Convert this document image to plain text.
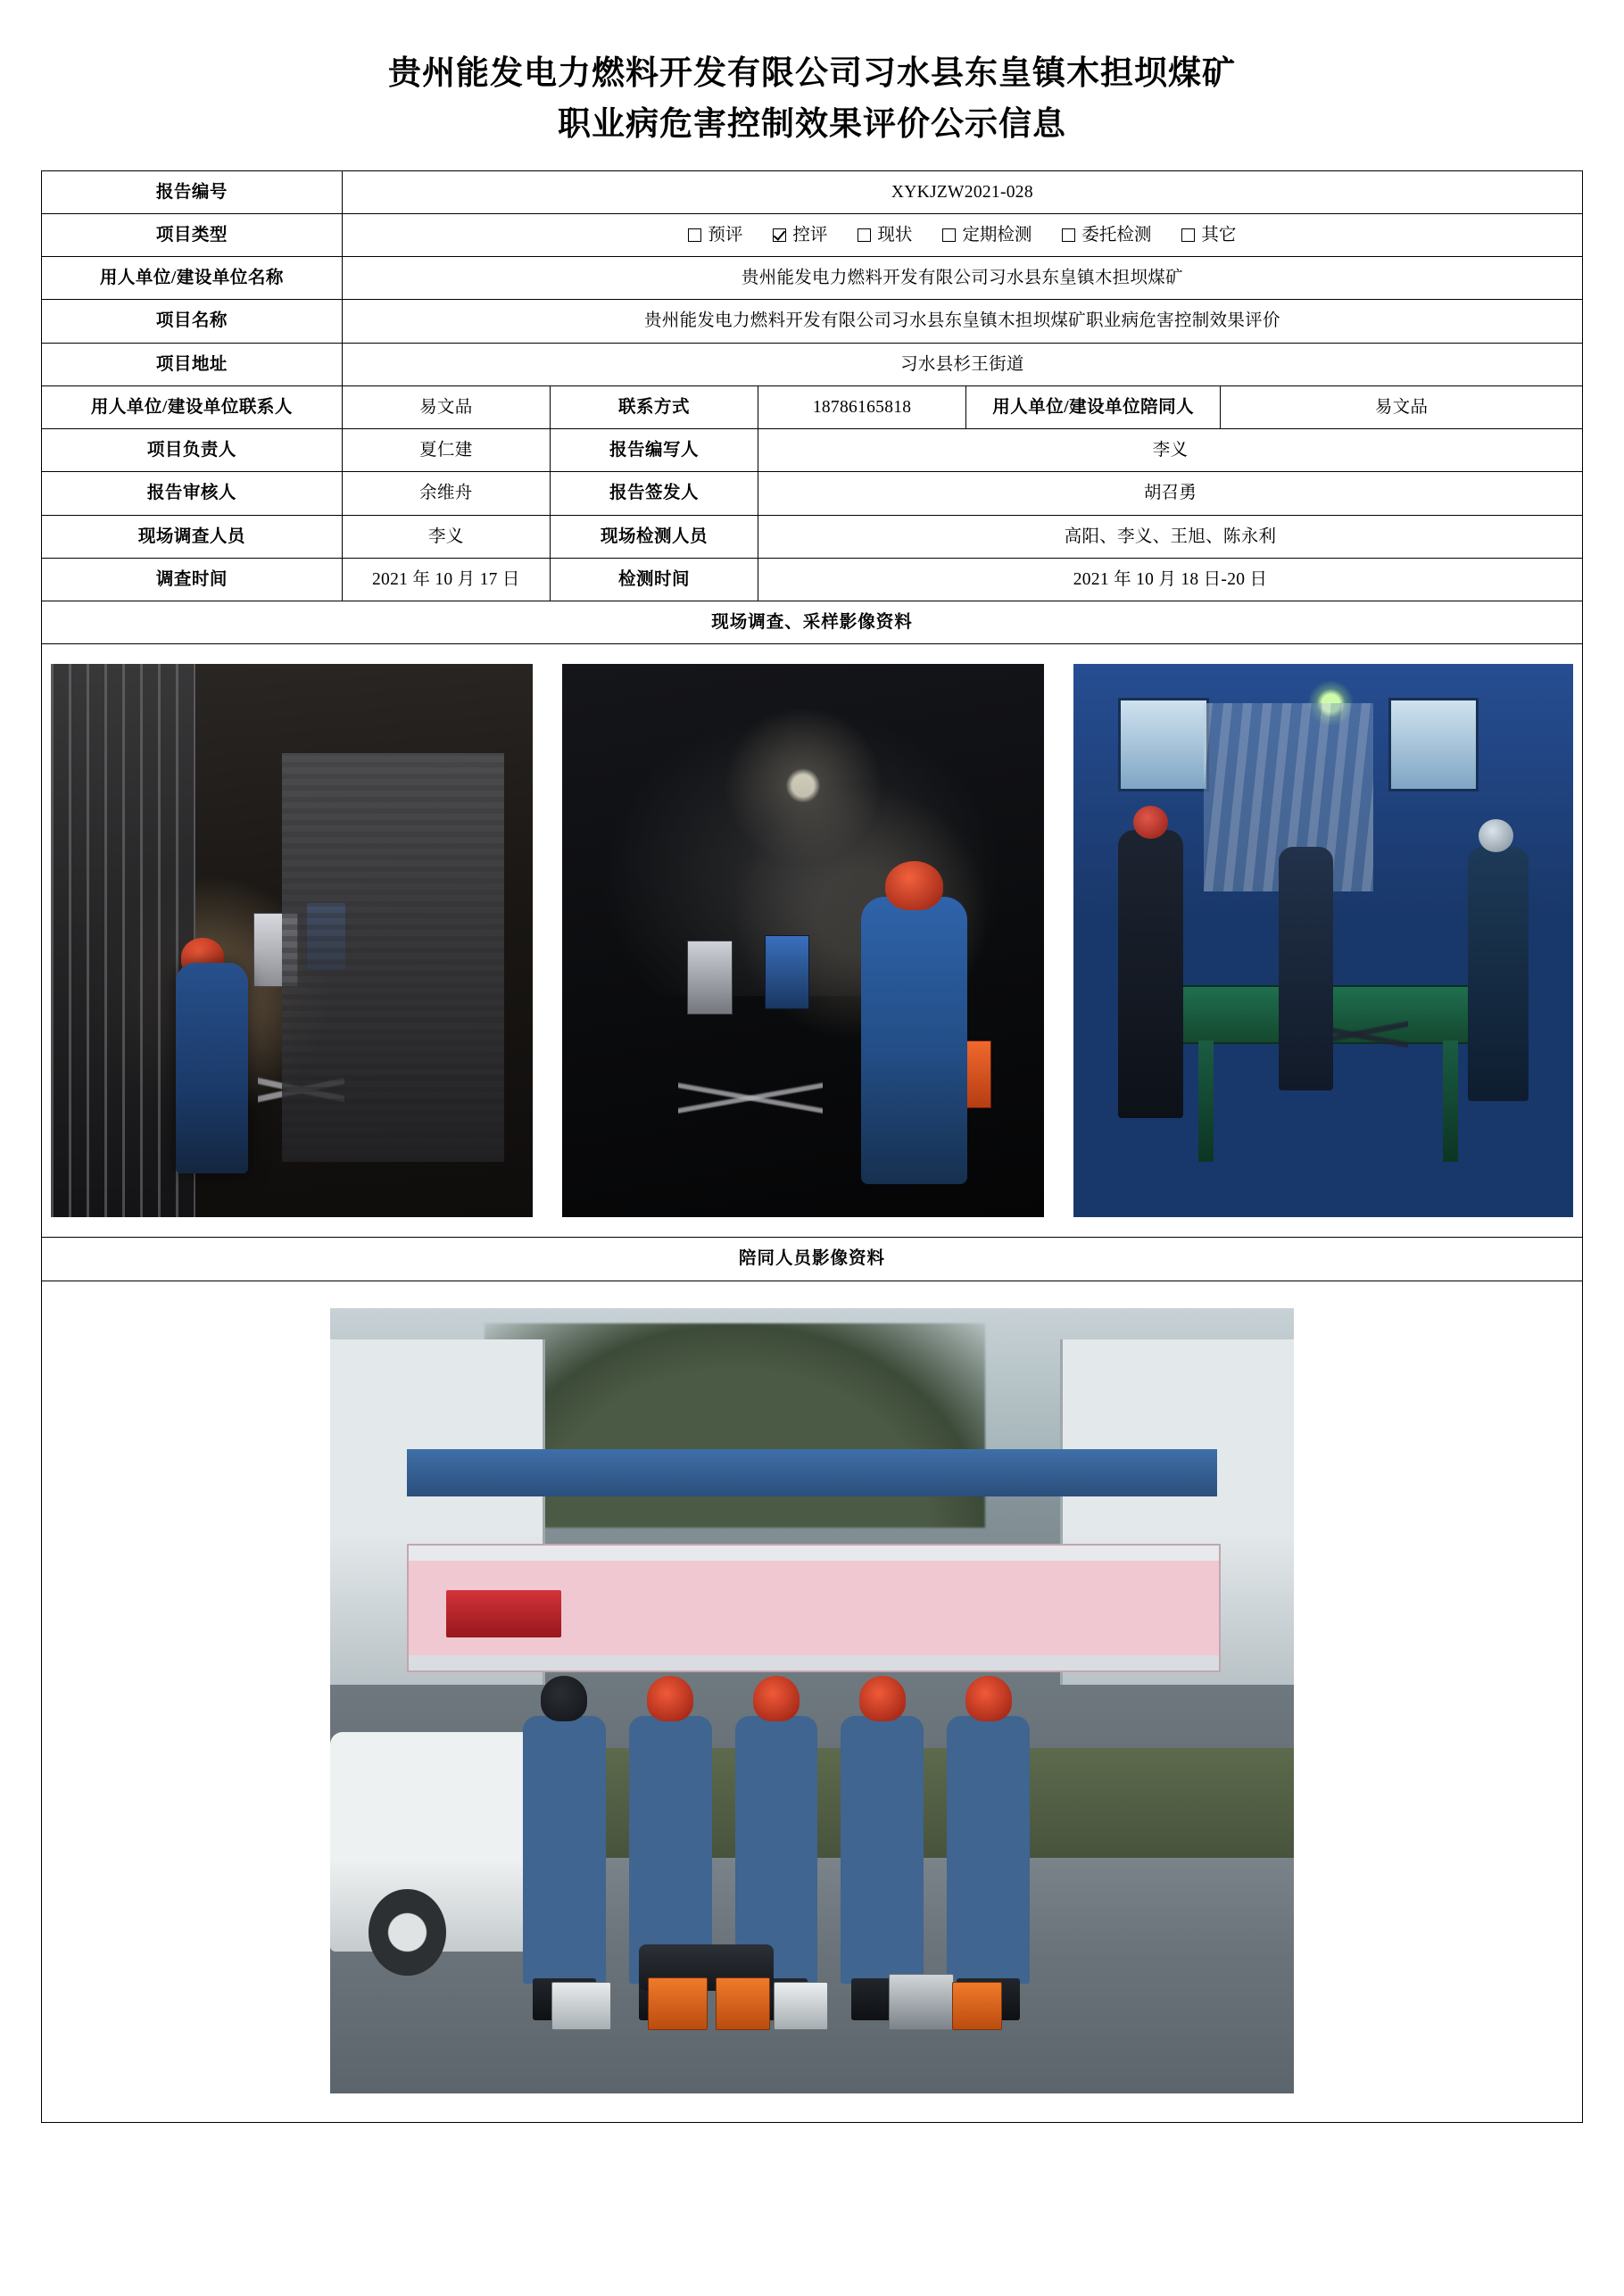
贵州能发电力燃料开发有限公司习水县东皇镇木担坝煤矿
职业病危害控制效果评价公示信息
报告编号	XYKJZW2021-028				
项目类型	预评	控评	现状	定期检测	委托检测	其它

用人单位/建设单位名称	贵州能发电力燃料开发有限公司习水县东皇镇木担坝煤矿				
项目名称	贵州能发电力燃料开发有限公司习水县东皇镇木担坝煤矿职业病危害控制效果评价				
项目地址	习水县杉王街道				
用人单位/建设单位联系人	易文品	联系方式	18786165818	用人单位/建设单位陪同人	易文品
项目负责人	夏仁建	报告编写人	李义		
报告审核人	余维舟	报告签发人	胡召勇		
现场调查人员	李义	现场检测人员	高阳、李义、王旭、陈永利		
调查时间	2021 年 10 月 17 日	检测时间	2021 年 10 月 18 日-20 日		
现场调查、采样影像资料					

陪同人员影像资料					
